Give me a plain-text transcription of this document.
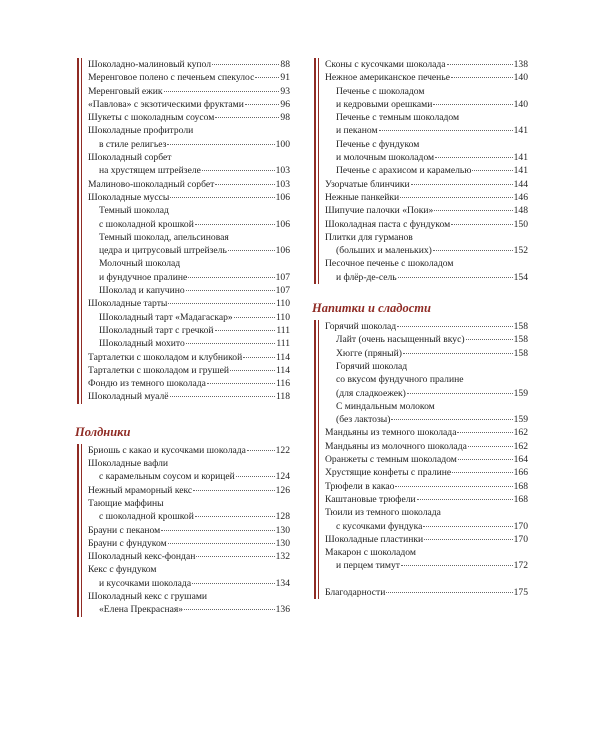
Шоколадно-малиновый купол	88
Меренговое полено с печеньем спекулос	91
Меренговый ежик	93
«Павлова» с экзотическими фруктами	96
Шукеты с шоколадным соусом	98
Шоколадные профитроли
в стиле религьез	100
Шоколадный сорбет
на хрустящем штрейзеле	103
Малиново-шоколадный сорбет	103
Шоколадные муссы	106
Темный шоколад
с шоколадной крошкой	106
Темный шоколад, апельсиновая
цедра и цитрусовый штрейзель	106
Молочный шоколад
и фундучное пралине	107
Шоколад и капучино	107
Шоколадные тарты	110
Шоколадный тарт «Мадагаскар»	110
Шоколадный тарт с гречкой	111
Шоколадный мохито	111
Тарталетки с шоколадом и клубникой	114
Тарталетки с шоколадом и грушей	114
Фондю из темного шоколада	116
Шоколадный муалё	118
Полдники
Бриошь с какао и кусочками шоколада	122
Шоколадные вафли
с карамельным соусом и корицей	124
Нежный мраморный кекс	126
Тающие маффины
с шоколадной крошкой	128
Брауни с пеканом	130
Брауни с фундуком	130
Шоколадный кекс-фондан	132
Кекс с фундуком
и кусочками шоколада	134
Шоколадный кекс с грушами
«Елена Прекрасная»	136
Сконы с кусочками шоколада	138
Нежное американское печенье	140
Печенье с шоколадом
и кедровыми орешками	140
Печенье с темным шоколадом
и пеканом	141
Печенье с фундуком
и молочным шоколадом	141
Печенье с арахисом и карамелью	141
Узорчатые блинчики	144
Нежные панкейки	146
Шипучие палочки «Поки»	148
Шоколадная паста с фундуком	150
Плитки для гурманов
(больших и маленьких)	152
Песочное печенье с шоколадом
и флёр-де-сель	154
Напитки и сладости
Горячий шоколад	158
Лайт (очень насыщенный вкус)	158
Хюгге (пряный)	158
Горячий шоколад
со вкусом фундучного пралине
(для сладкоежек)	159
С миндальным молоком
(без лактозы)	159
Мандьяны из темного шоколада	162
Мандьяны из молочного шоколада	162
Оранжеты с темным шоколадом	164
Хрустящие конфеты с пралине	166
Трюфели в какао	168
Каштановые трюфели	168
Тюили из темного шоколада
с кусочками фундука	170
Шоколадные пластинки	170
Макарон с шоколадом
и перцем тимут	172
Благодарности	175
